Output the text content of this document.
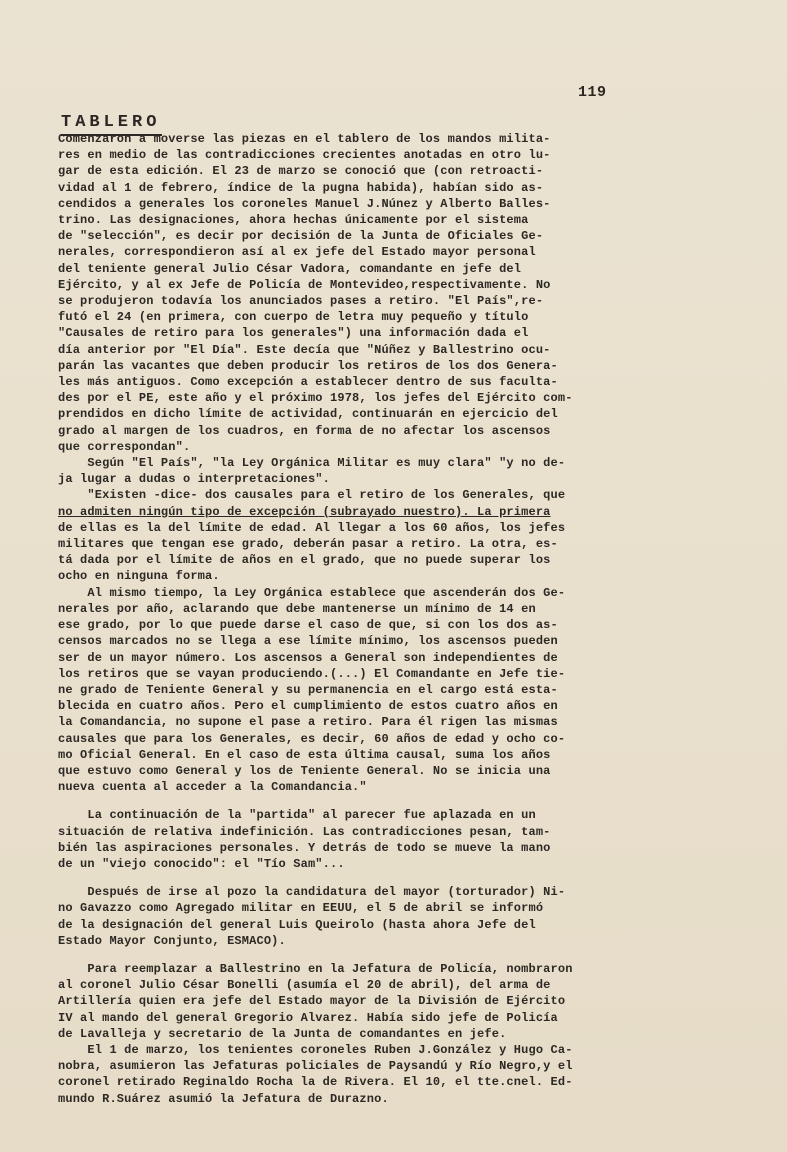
119
TABLERO
Comenzaron a moverse las piezas en el tablero de los mandos milita-
res en medio de las contradicciones crecientes anotadas en otro lu-
gar de esta edición. El 23 de marzo se conoció que (con retroacti-
vidad al 1 de febrero, índice de la pugna habida), habían sido as-
cendidos a generales los coroneles Manuel J.Núnez y Alberto Balles-
trino. Las designaciones, ahora hechas únicamente por el sistema
de "selección", es decir por decisión de la Junta de Oficiales Ge-
nerales, correspondieron así al ex jefe del Estado mayor personal
del teniente general Julio César Vadora, comandante en jefe del
Ejército, y al ex Jefe de Policía de Montevideo,respectivamente. No
se produjeron todavía los anunciados pases a retiro. "El País",re-
futó el 24 (en primera, con cuerpo de letra muy pequeño y título
"Causales de retiro para los generales") una información dada el
día anterior por "El Día". Este decía que "Núñez y Ballestrino ocu-
parán las vacantes que deben producir los retiros de los dos Genera-
les más antiguos. Como excepción a establecer dentro de sus faculta-
des por el PE, este año y el próximo 1978, los jefes del Ejército com-
prendidos en dicho límite de actividad, continuarán en ejercicio del
grado al margen de los cuadros, en forma de no afectar los ascensos
que correspondan".
Según "El País", "la Ley Orgánica Militar es muy clara" "y no de-
ja lugar a dudas o interpretaciones".
"Existen -dice- dos causales para el retiro de los Generales, que
no admiten ningún tipo de excepción (subrayado nuestro). La primera
de ellas es la del límite de edad. Al llegar a los 60 años, los jefes
militares que tengan ese grado, deberán pasar a retiro. La otra, es-
tá dada por el límite de años en el grado, que no puede superar los
ocho en ninguna forma.
Al mismo tiempo, la Ley Orgánica establece que ascenderán dos Ge-
nerales por año, aclarando que debe mantenerse un mínimo de 14 en
ese grado, por lo que puede darse el caso de que, si con los dos as-
censos marcados no se llega a ese límite mínimo, los ascensos pueden
ser de un mayor número. Los ascensos a General son independientes de
los retiros que se vayan produciendo.(...) El Comandante en Jefe tie-
ne grado de Teniente General y su permanencia en el cargo está esta-
blecida en cuatro años. Pero el cumplimiento de estos cuatro años en
la Comandancia, no supone el pase a retiro. Para él rigen las mismas
causales que para los Generales, es decir, 60 años de edad y ocho co-
mo Oficial General. En el caso de esta última causal, suma los años
que estuvo como General y los de Teniente General. No se inicia una
nueva cuenta al acceder a la Comandancia."
La continuación de la "partida" al parecer fue aplazada en un
situación de relativa indefinición. Las contradicciones pesan, tam-
bién las aspiraciones personales. Y detrás de todo se mueve la mano
de un "viejo conocido": el "Tío Sam"...
Después de irse al pozo la candidatura del mayor (torturador) Ni-
no Gavazzo como Agregado militar en EEUU, el 5 de abril se informó
de la designación del general Luis Queirolo (hasta ahora Jefe del
Estado Mayor Conjunto, ESMACO).
Para reemplazar a Ballestrino en la Jefatura de Policía, nombraron
al coronel Julio César Bonelli (asumía el 20 de abril), del arma de
Artillería quien era jefe del Estado mayor de la División de Ejército
IV al mando del general Gregorio Alvarez. Había sido jefe de Policía
de Lavalleja y secretario de la Junta de comandantes en jefe.
El 1 de marzo, los tenientes coroneles Ruben J.González y Hugo Ca-
nobra, asumieron las Jefaturas policiales de Paysandú y Río Negro,y el
coronel retirado Reginaldo Rocha la de Rivera. El 10, el tte.cnel. Ed-
mundo R.Suárez asumió la Jefatura de Durazno.
